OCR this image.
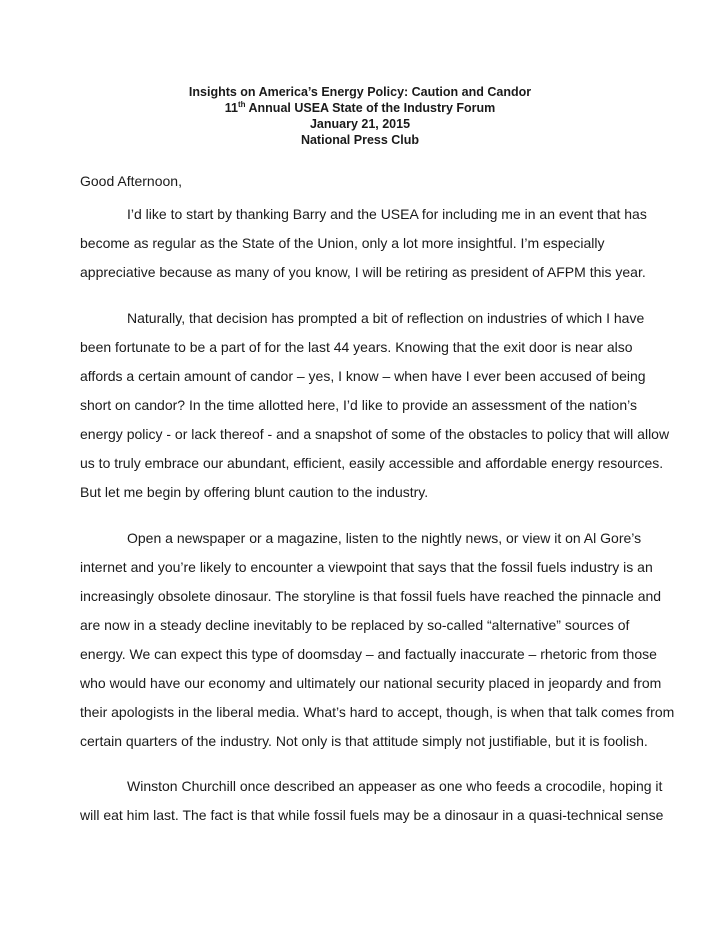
Insights on America’s Energy Policy: Caution and Candor
11th Annual USEA State of the Industry Forum
January 21, 2015
National Press Club
Good Afternoon,
I’d like to start by thanking Barry and the USEA for including me in an event that has
become as regular as the State of the Union, only a lot more insightful. I’m especially
appreciative because as many of you know, I will be retiring as president of AFPM this year.
Naturally, that decision has prompted a bit of reflection on industries of which I have
been fortunate to be a part of for the last 44 years. Knowing that the exit door is near also
affords a certain amount of candor – yes, I know – when have I ever been accused of being
short on candor? In the time allotted here, I’d like to provide an assessment of the nation’s
energy policy - or lack thereof - and a snapshot of some of the obstacles to policy that will allow
us to truly embrace our abundant, efficient, easily accessible and affordable energy resources.
But let me begin by offering blunt caution to the industry.
Open a newspaper or a magazine, listen to the nightly news, or view it on Al Gore’s
internet and you’re likely to encounter a viewpoint that says that the fossil fuels industry is an
increasingly obsolete dinosaur. The storyline is that fossil fuels have reached the pinnacle and
are now in a steady decline inevitably to be replaced by so-called “alternative” sources of
energy. We can expect this type of doomsday – and factually inaccurate – rhetoric from those
who would have our economy and ultimately our national security placed in jeopardy and from
their apologists in the liberal media. What’s hard to accept, though, is when that talk comes from
certain quarters of the industry. Not only is that attitude simply not justifiable, but it is foolish.
Winston Churchill once described an appeaser as one who feeds a crocodile, hoping it
will eat him last. The fact is that while fossil fuels may be a dinosaur in a quasi-technical sense
